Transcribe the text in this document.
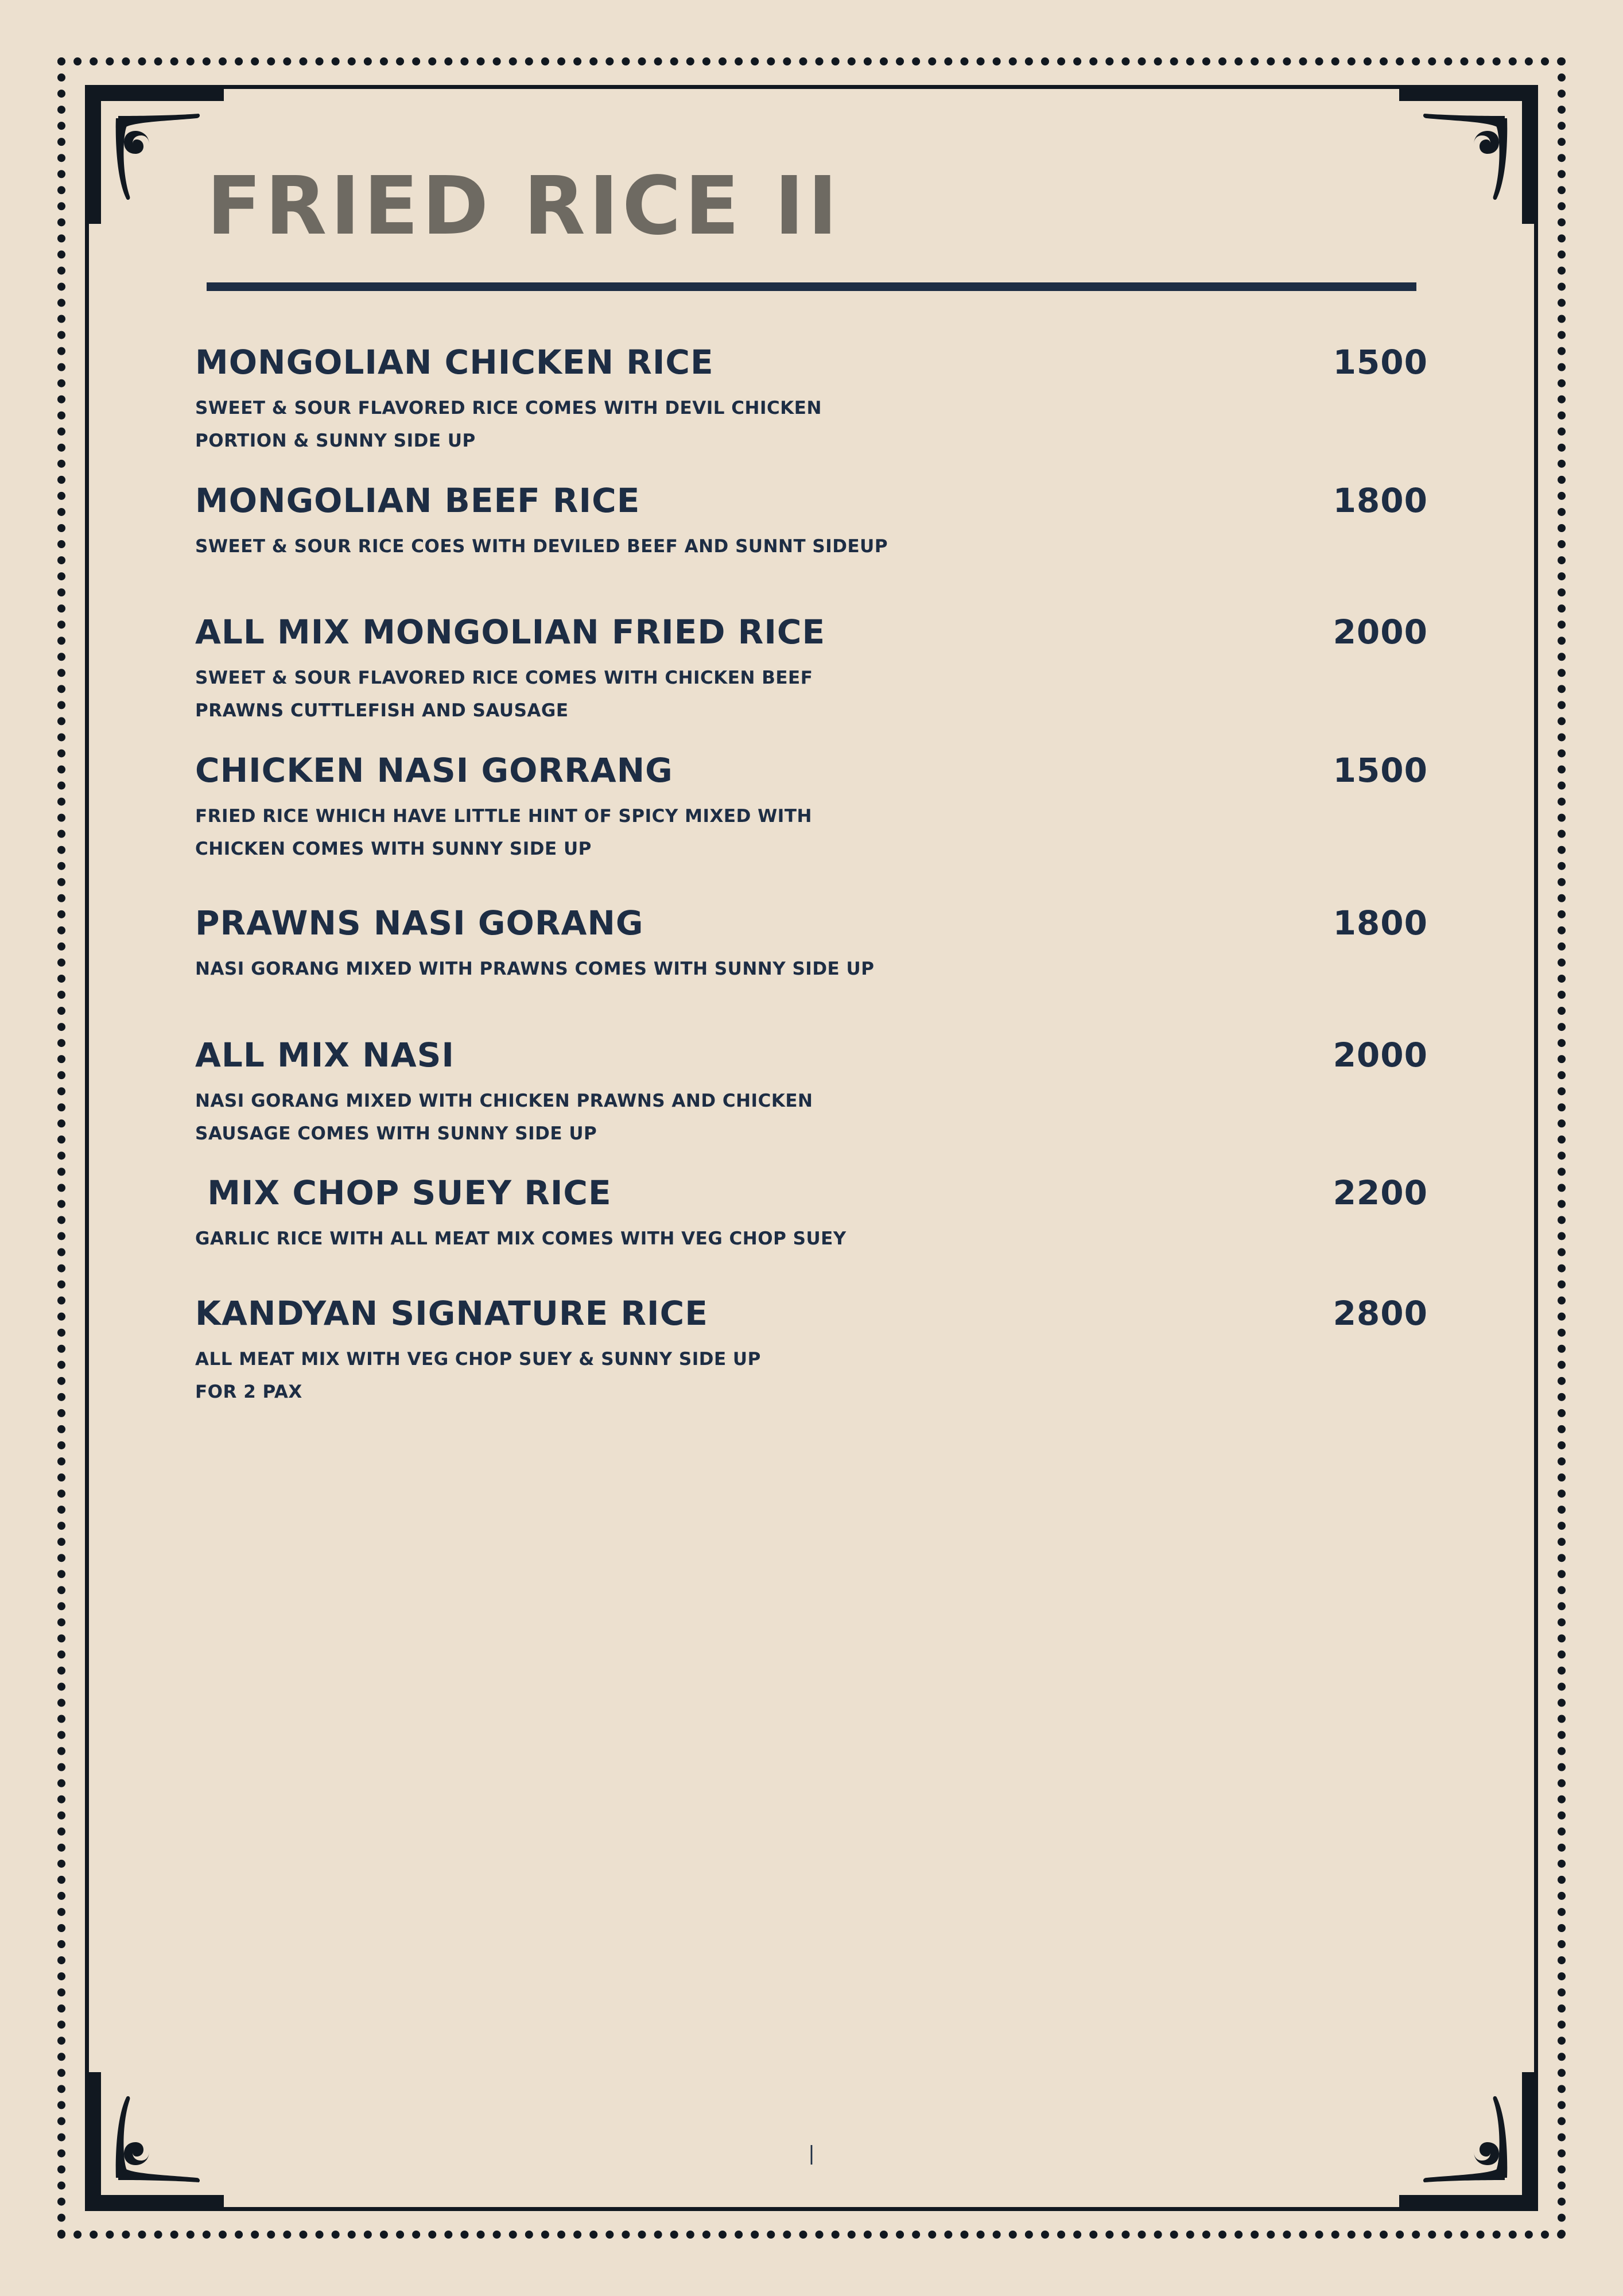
FRIED RICE II
MONGOLIAN CHICKEN RICE	1500
SWEET & SOUR FLAVORED RICE COMES WITH DEVIL CHICKEN
PORTION & SUNNY SIDE UP
MONGOLIAN BEEF RICE	1800
SWEET & SOUR RICE COES WITH DEVILED BEEF AND SUNNT SIDEUP
ALL MIX MONGOLIAN FRIED RICE	2000
SWEET & SOUR FLAVORED RICE COMES WITH CHICKEN BEEF
PRAWNS CUTTLEFISH AND SAUSAGE
CHICKEN NASI GORRANG	1500
FRIED RICE WHICH HAVE LITTLE HINT OF SPICY MIXED WITH
CHICKEN COMES WITH SUNNY SIDE UP
PRAWNS NASI GORANG	1800
NASI GORANG MIXED WITH PRAWNS COMES WITH SUNNY SIDE UP
ALL MIX NASI	2000
NASI GORANG MIXED WITH CHICKEN PRAWNS AND CHICKEN
SAUSAGE COMES WITH SUNNY SIDE UP
MIX CHOP SUEY RICE	2200
GARLIC RICE WITH ALL MEAT MIX COMES WITH VEG CHOP SUEY
KANDYAN SIGNATURE RICE	2800
ALL MEAT MIX WITH VEG CHOP SUEY & SUNNY SIDE UP
FOR 2 PAX
|
